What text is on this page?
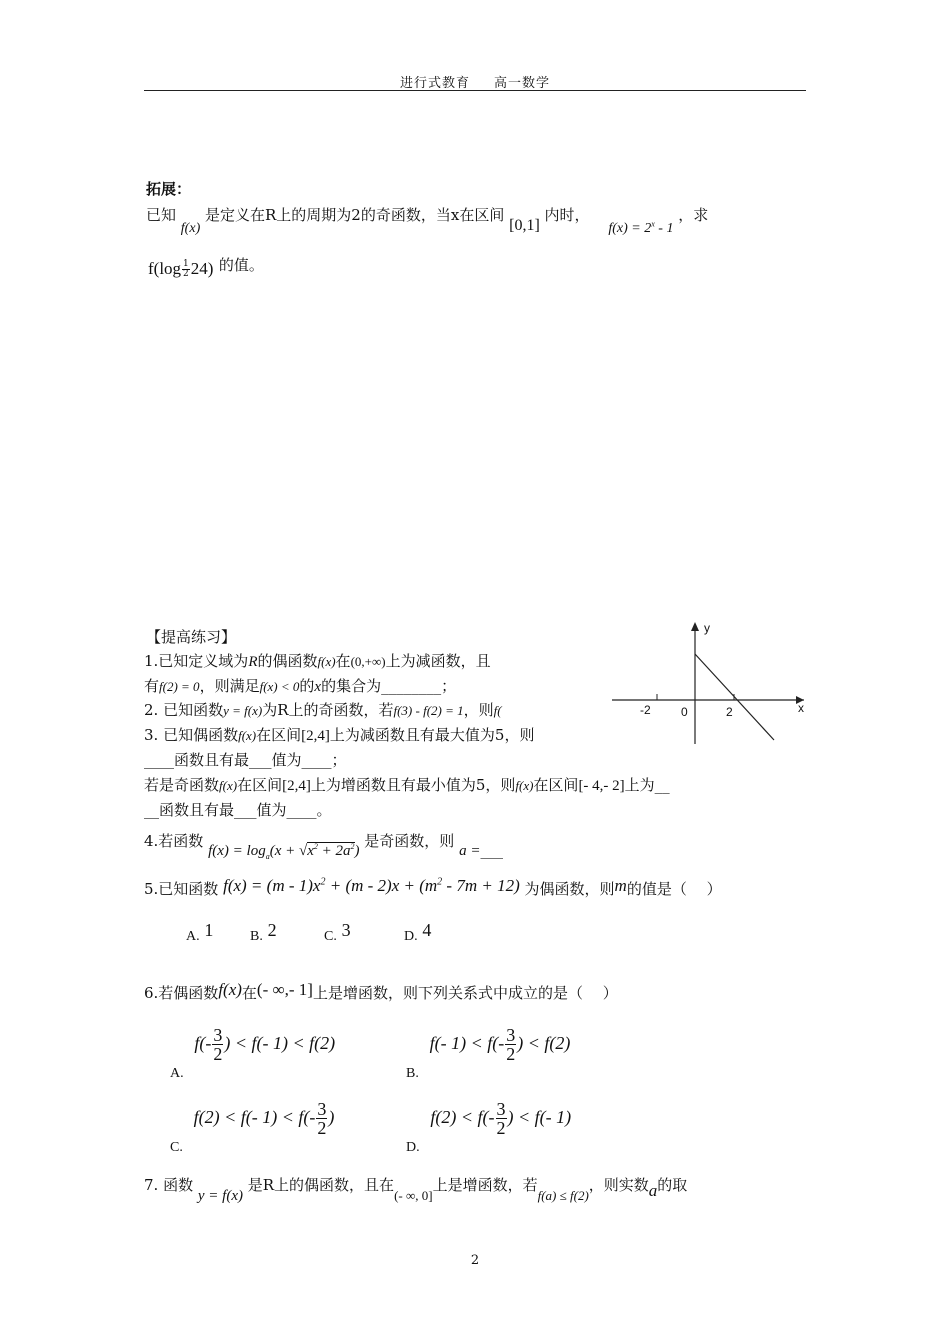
进行式教育 高一数学
拓展：
已知 f(x) 是定义在R上的周期为2的奇函数，当x在区间 [0,1] 内时， $f(x) = 2^x - 1$ ，求
$f(\log \frac{1}{2} 24)$ 的值。
【提高练习】
1.已知定义域为R的偶函数f(x)在(0,+∞)上为减函数，且
有f(2) = 0，则满足f(x) < 0的x的集合为________；
2. 已知函数y = f(x)为R上的奇函数，若f(3) - f(2) = 1，则f(
3. 已知偶函数f(x)在区间[2,4]上为减函数且有最大值为5，则
____函数且有最___值为____；
若是奇函数f(x)在区间[2,4]上为增函数且有最小值为5，则f(x)在区间[- 4,- 2]上为__
__函数且有最___值为____。
y
x
-2	0	2
4.若函数 $f(x) = \log_a(x + √x^2 + 2a^2)$ 是奇函数，则 a =___
5.已知函数 $f(x) = (m - 1)x^2 + (m - 2)x + (m^2 - 7m + 12)$ 为偶函数，则m的值是（　 ）
A. 1	B. 2	C. 3	D. 4
6.若偶函数f(x)在(- ∞,- 1]上是增函数，则下列关系式中成立的是（　 ）
A. $f(- \frac{3}{2}$ ) < f(- 1) < f(2)
B. f(- $1) < f(- \frac{3}{2}$ ) < f(2)
C. f(2) < f(- $1) < f(- \frac{3}{2}$ )
D. $f(2) < f(- \frac{3}{2}$ ) < f(- 1)
7. 函数 y = f(x) 是R上的偶函数，且在(- ∞, 0]上是增函数，若f(a) ≤ f(2)，则实数a的取
2
